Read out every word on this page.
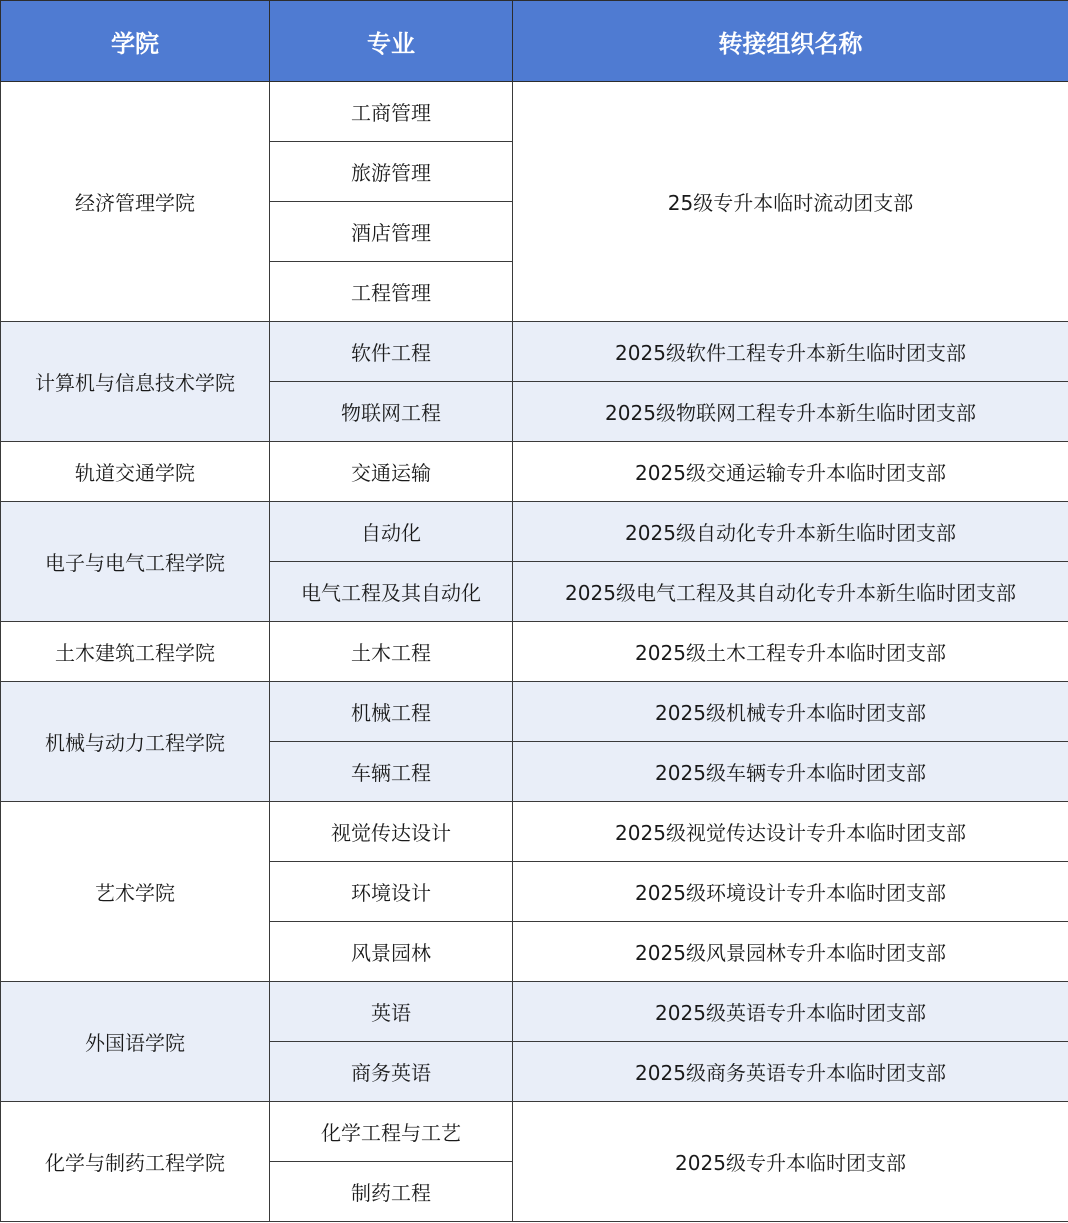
学院	专业	转接组织名称
经济管理学院	工商管理	25级专升本临时流动团支部
	旅游管理	
	酒店管理	
	工程管理	
计算机与信息技术学院	软件工程	2025级软件工程专升本新生临时团支部
	物联网工程	2025级物联网工程专升本新生临时团支部
轨道交通学院	交通运输	2025级交通运输专升本临时团支部
电子与电气工程学院	自动化	2025级自动化专升本新生临时团支部
	电气工程及其自动化	2025级电气工程及其自动化专升本新生临时团支部
土木建筑工程学院	土木工程	2025级土木工程专升本临时团支部
机械与动力工程学院	机械工程	2025级机械专升本临时团支部
	车辆工程	2025级车辆专升本临时团支部
艺术学院	视觉传达设计	2025级视觉传达设计专升本临时团支部
	环境设计	2025级环境设计专升本临时团支部
	风景园林	2025级风景园林专升本临时团支部
外国语学院	英语	2025级英语专升本临时团支部
	商务英语	2025级商务英语专升本临时团支部
化学与制药工程学院	化学工程与工艺	2025级专升本临时团支部
	制药工程	
